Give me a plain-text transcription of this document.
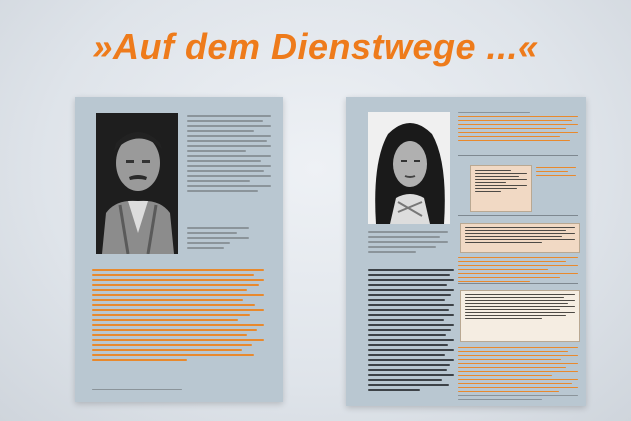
»Auf dem Dienstwege ...«
